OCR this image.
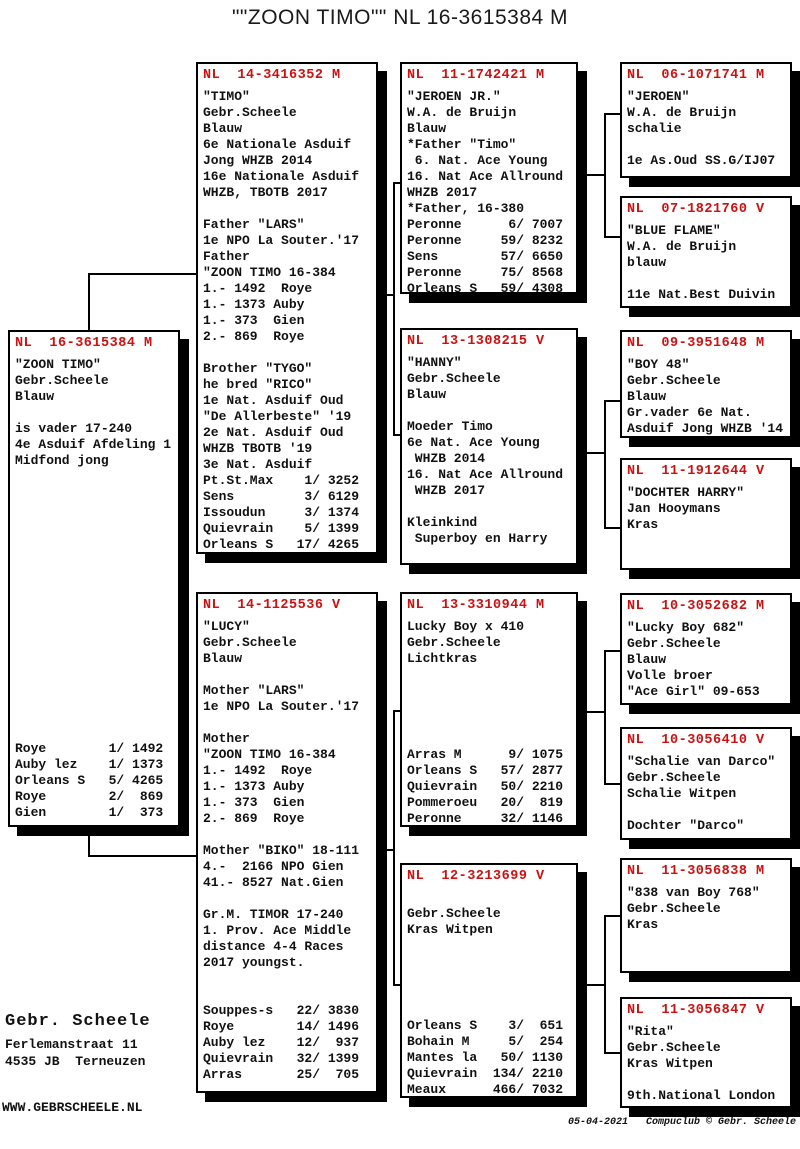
""ZOON TIMO"" NL 16-3615384 M
NL  16-3615384 M
"ZOON TIMO"
Gebr.Scheele
Blauw

is vader 17-240
4e Asduif Afdeling 1
Midfond jong

Roye        1/ 1492
Auby lez    1/ 1373
Orleans S   5/ 4265
Roye        2/  869
Gien        1/  373
NL  14-3416352 M
"TIMO"
Gebr.Scheele
Blauw
6e Nationale Asduif
Jong WHZB 2014
16e Nationale Asduif
WHZB, TBOTB 2017

Father "LARS"
1e NPO La Souter.'17
Father
"ZOON TIMO 16-384
1.- 1492  Roye
1.- 1373 Auby
1.- 373  Gien
2.- 869  Roye

Brother "TYGO"
he bred "RICO"
1e Nat. Asduif Oud
"De Allerbeste" '19
2e Nat. Asduif Oud
WHZB TBOTB '19
3e Nat. Asduif
Pt.St.Max    1/ 3252
Sens         3/ 6129
Issoudun     3/ 1374
Quievrain    5/ 1399
Orleans S   17/ 4265
NL  14-1125536 V
"LUCY"
Gebr.Scheele
Blauw

Mother "LARS"
1e NPO La Souter.'17

Mother
"ZOON TIMO 16-384
1.- 1492  Roye
1.- 1373 Auby
1.- 373  Gien
2.- 869  Roye

Mother "BIKO" 18-111
4.-  2166 NPO Gien
41.- 8527 Nat.Gien

Gr.M. TIMOR 17-240
1. Prov. Ace Middle
distance 4-4 Races
2017 youngst.

Souppes-s   22/ 3830
Roye        14/ 1496
Auby lez    12/  937
Quievrain   32/ 1399
Arras       25/  705
NL  11-1742421 M
"JEROEN JR."
W.A. de Bruijn
Blauw
*Father "Timo"
6. Nat. Ace Young
16. Nat Ace Allround
WHZB 2017
*Father, 16-380
Peronne      6/ 7007
Peronne     59/ 8232
Sens        57/ 6650
Peronne     75/ 8568
Orleans S   59/ 4308
NL  13-1308215 V
"HANNY"
Gebr.Scheele
Blauw

Moeder Timo
6e Nat. Ace Young
WHZB 2014
16. Nat Ace Allround
WHZB 2017

Kleinkind
Superboy en Harry
NL  13-3310944 M
Lucky Boy x 410
Gebr.Scheele
Lichtkras

Arras M      9/ 1075
Orleans S   57/ 2877
Quievrain   50/ 2210
Pommeroeu   20/  819
Peronne     32/ 1146
NL  12-3213699 V

Gebr.Scheele
Kras Witpen

Orleans S    3/  651
Bohain M     5/  254
Mantes la   50/ 1130
Quievrain  134/ 2210
Meaux      466/ 7032
NL  06-1071741 M
"JEROEN"
W.A. de Bruijn
schalie

1e As.Oud SS.G/IJ07
NL  07-1821760 V
"BLUE FLAME"
W.A. de Bruijn
blauw

11e Nat.Best Duivin
NL  09-3951648 M
"BOY 48"
Gebr.Scheele
Blauw
Gr.vader 6e Nat.
Asduif Jong WHZB '14
NL  11-1912644 V
"DOCHTER HARRY"
Jan Hooymans
Kras
NL  10-3052682 M
"Lucky Boy 682"
Gebr.Scheele
Blauw
Volle broer
"Ace Girl" 09-653
NL  10-3056410 V
"Schalie van Darco"
Gebr.Scheele
Schalie Witpen

Dochter "Darco"
NL  11-3056838 M
"838 van Boy 768"
Gebr.Scheele
Kras
NL  11-3056847 V
"Rita"
Gebr.Scheele
Kras Witpen

9th.National London
Gebr. Scheele
Ferlemanstraat 11
4535 JB  Terneuzen
WWW.GEBRSCHEELE.NL
05-04-2021   Compuclub © Gebr. Scheele
